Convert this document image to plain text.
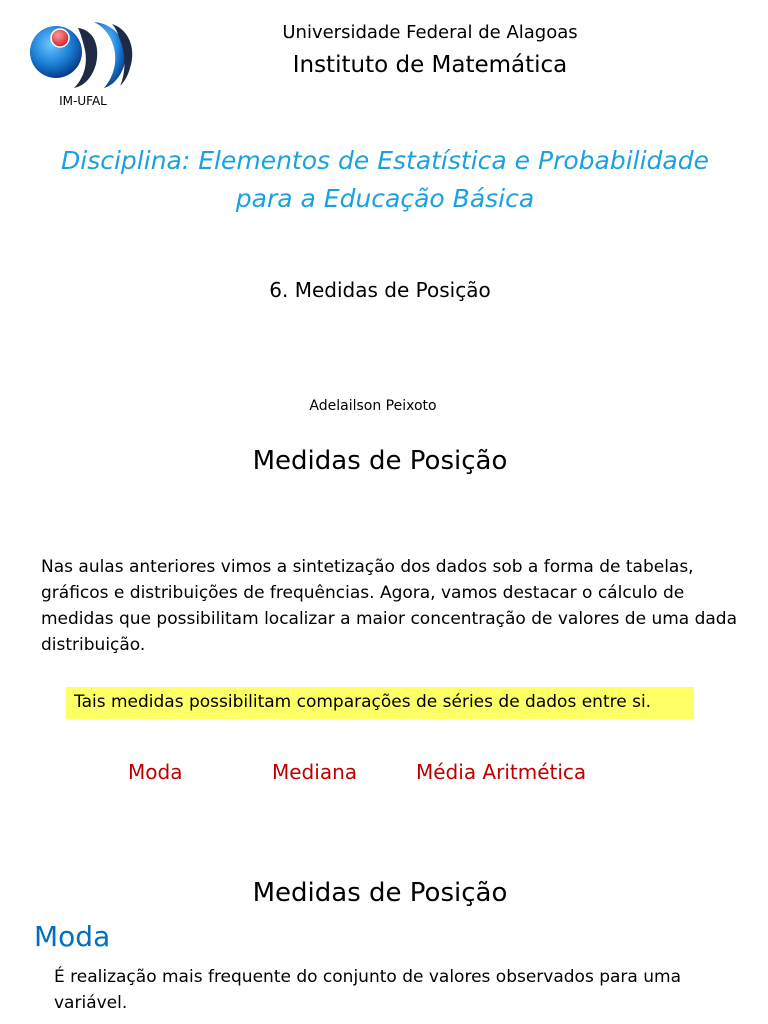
IM-UFAL
Universidade Federal de Alagoas
Instituto de Matemática
Disciplina: Elementos de Estatística e Probabilidade para a Educação Básica
6. Medidas de Posição
Adelailson Peixoto
Medidas de Posição
Nas aulas anteriores vimos a sintetização dos dados sob a forma de tabelas, gráficos e distribuições de frequências. Agora, vamos destacar o cálculo de medidas que possibilitam localizar a maior concentração de valores de uma dada distribuição.
Tais medidas possibilitam comparações de séries de dados entre si.
Moda	Mediana	Média Aritmética
Medidas de Posição
Moda
É realização mais frequente do conjunto de valores observados para uma variável.
